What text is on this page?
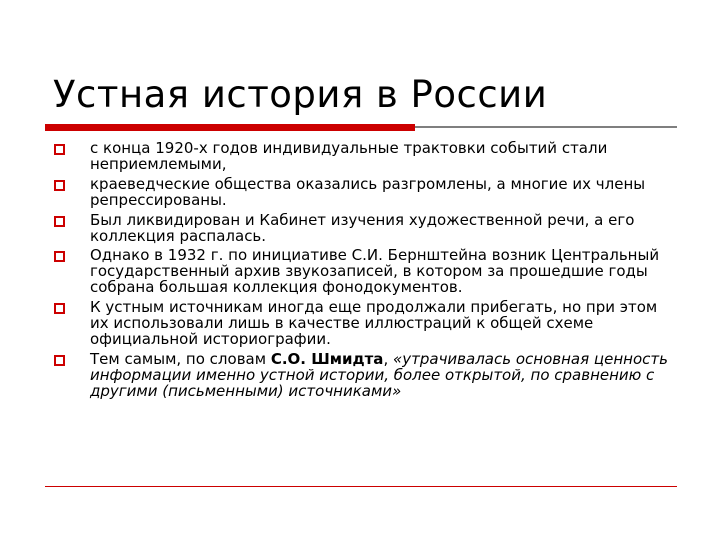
Устная история в России
с конца 1920-х годов индивидуальные трактовки событий стали неприемлемыми,
краеведческие общества оказались разгромлены, а многие их члены репрессированы.
Был ликвидирован и Кабинет изучения художественной речи, а его коллекция распалась.
Однако в 1932 г. по инициативе С.И. Бернштейна возник Центральный государственный архив звукозаписей, в котором за прошедшие годы собрана большая коллекция фонодокументов.
К устным источникам иногда еще продолжали прибегать, но при этом их использовали лишь в качестве иллюстраций к общей схеме официальной историографии.
Тем самым, по словам С.О. Шмидта, «утрачивалась основная ценность информации именно устной истории, более открытой, по сравнению с другими (письменными) источниками»
